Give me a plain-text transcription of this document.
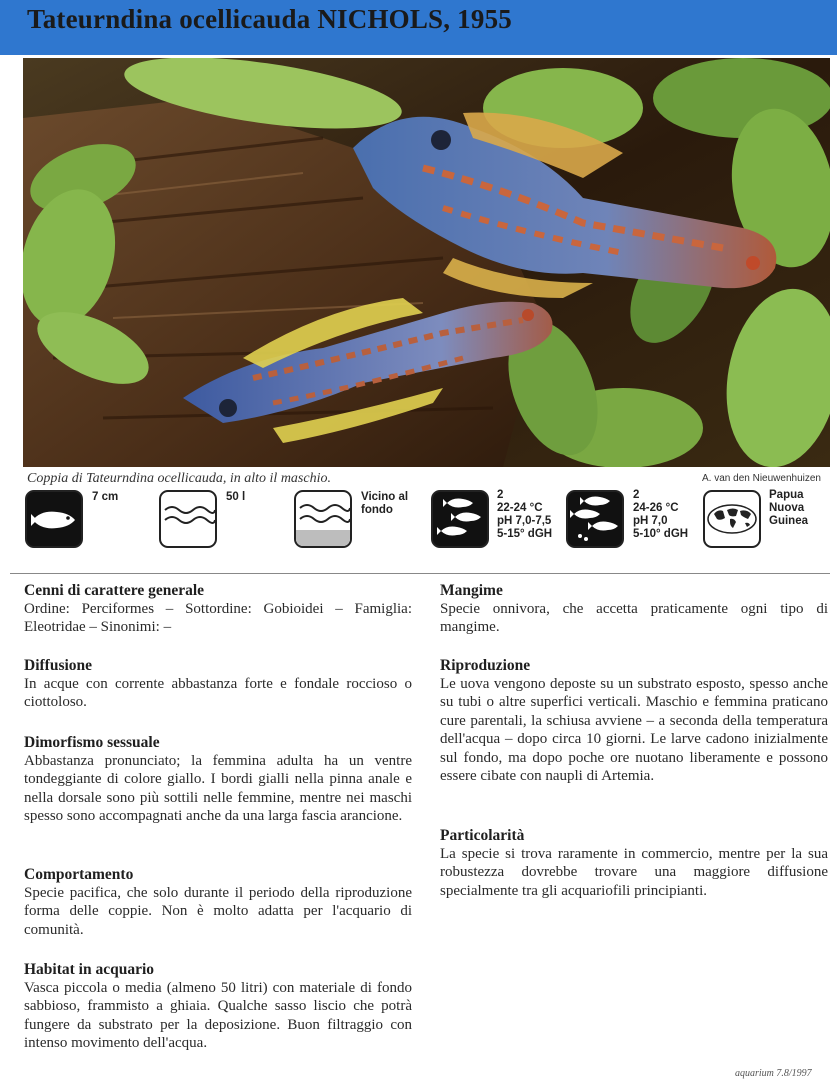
Tateurndina ocellicauda NICHOLS, 1955
Coppia di Tateurndina ocellicauda, in alto il maschio.	A. van den Nieuwenhuizen
7 cm	50 l	Vicino al
fondo
2
22-24 °C
pH 7,0-7,5
5-15° dGH
2
24-26 °C
pH 7,0
5-10° dGH
Papua
Nuova
Guinea
Cenni di carattere generale

Ordine: Perciformes – Sottordine: Gobioidei – Famiglia: Eleotridae – Sinonimi: –

Diffusione

In acque con corrente abbastanza forte e fondale roccioso o ciottoloso.

Dimorfismo sessuale

Abbastanza pronunciato; la femmina adulta ha un ventre tondeggiante di colore giallo. I bordi gialli nella pinna anale e nella dorsale sono più sottili nelle femmine, mentre nei maschi spesso sono accompagnati anche da una larga fascia arancione.

Comportamento

Specie pacifica, che solo durante il periodo della riproduzione forma delle coppie. Non è molto adatta per l'acquario di comunità.

Habitat in acquario

Vasca piccola o media (almeno 50 litri) con materiale di fondo sabbioso, frammisto a ghiaia. Qualche sasso liscio che potrà fungere da substrato per la deposizione. Buon filtraggio con intenso movimento dell'acqua.

Mangime

Specie onnivora, che accetta praticamente ogni tipo di mangime.

Riproduzione

Le uova vengono deposte su un substrato esposto, spesso anche su tubi o altre superfici verticali. Maschio e femmina praticano cure parentali, la schiusa avviene – a seconda della temperatura dell'acqua – dopo circa 10 giorni. Le larve cadono inizialmente sul fondo, ma dopo poche ore nuotano liberamente e possono essere cibate con naupli di Artemia.

Particolarità

La specie si trova raramente in commercio, mentre per la sua robustezza dovrebbe trovare una maggiore diffusione specialmente tra gli acquariofili principianti.

aquarium 7.8/1997
